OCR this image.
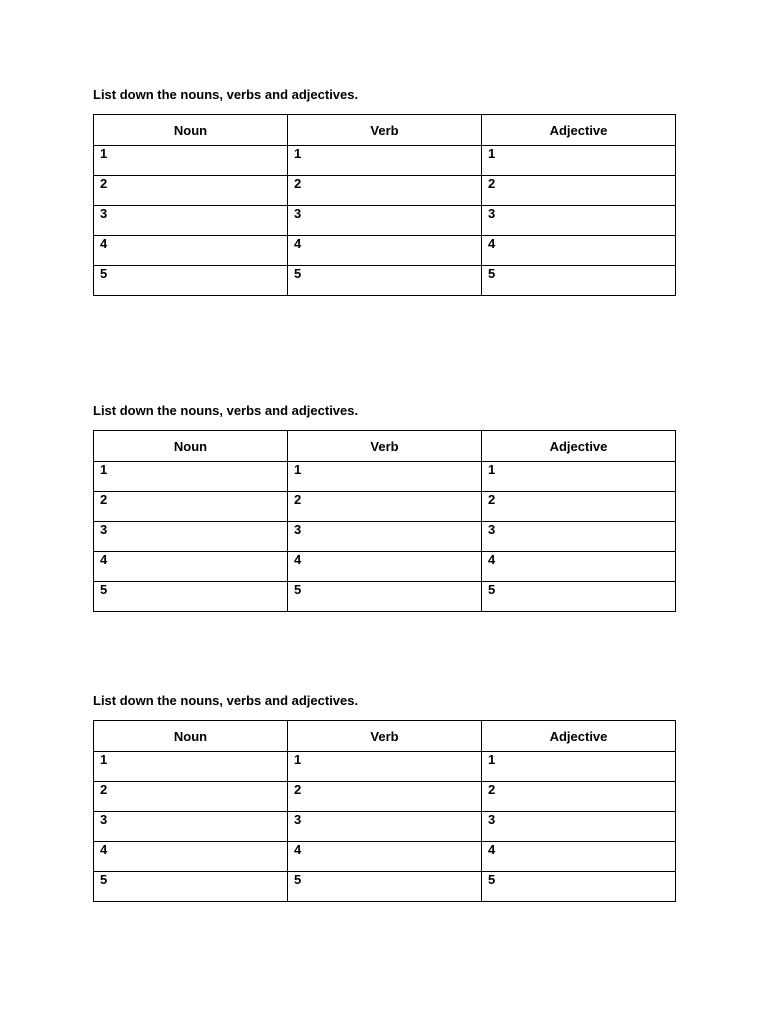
List down the nouns, verbs and adjectives.
Noun	Verb	Adjective
1	1	1
2	2	2
3	3	3
4	4	4
5	5	5
List down the nouns, verbs and adjectives.
Noun	Verb	Adjective
1	1	1
2	2	2
3	3	3
4	4	4
5	5	5
List down the nouns, verbs and adjectives.
Noun	Verb	Adjective
1	1	1
2	2	2
3	3	3
4	4	4
5	5	5
